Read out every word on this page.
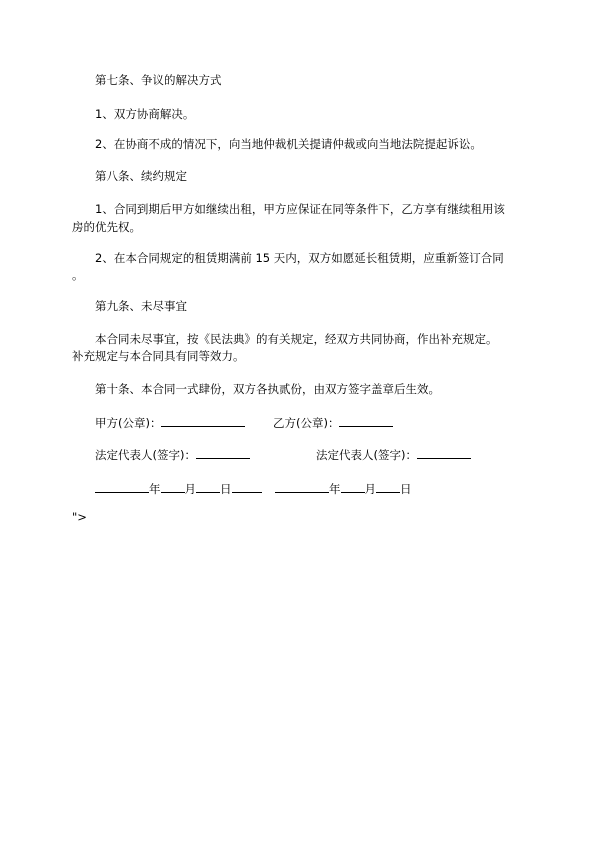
第七条、争议的解决方式
1、双方协商解决。
2、在协商不成的情况下，向当地仲裁机关提请仲裁或向当地法院提起诉讼。
第八条、续约规定
1、合同到期后甲方如继续出租，甲方应保证在同等条件下，乙方享有继续租用该
房的优先权。
2、在本合同规定的租赁期满前 15 天内，双方如愿延长租赁期，应重新签订合同
。
第九条、未尽事宜
本合同未尽事宜，按《民法典》的有关规定，经双方共同协商，作出补充规定。
补充规定与本合同具有同等效力。
第十条、本合同一式肆份，双方各执贰份，由双方签字盖章后生效。
甲方(公章)：	乙方(公章)：
法定代表人(签字)：	法定代表人(签字)：
年 月 日	年 月 日
">
